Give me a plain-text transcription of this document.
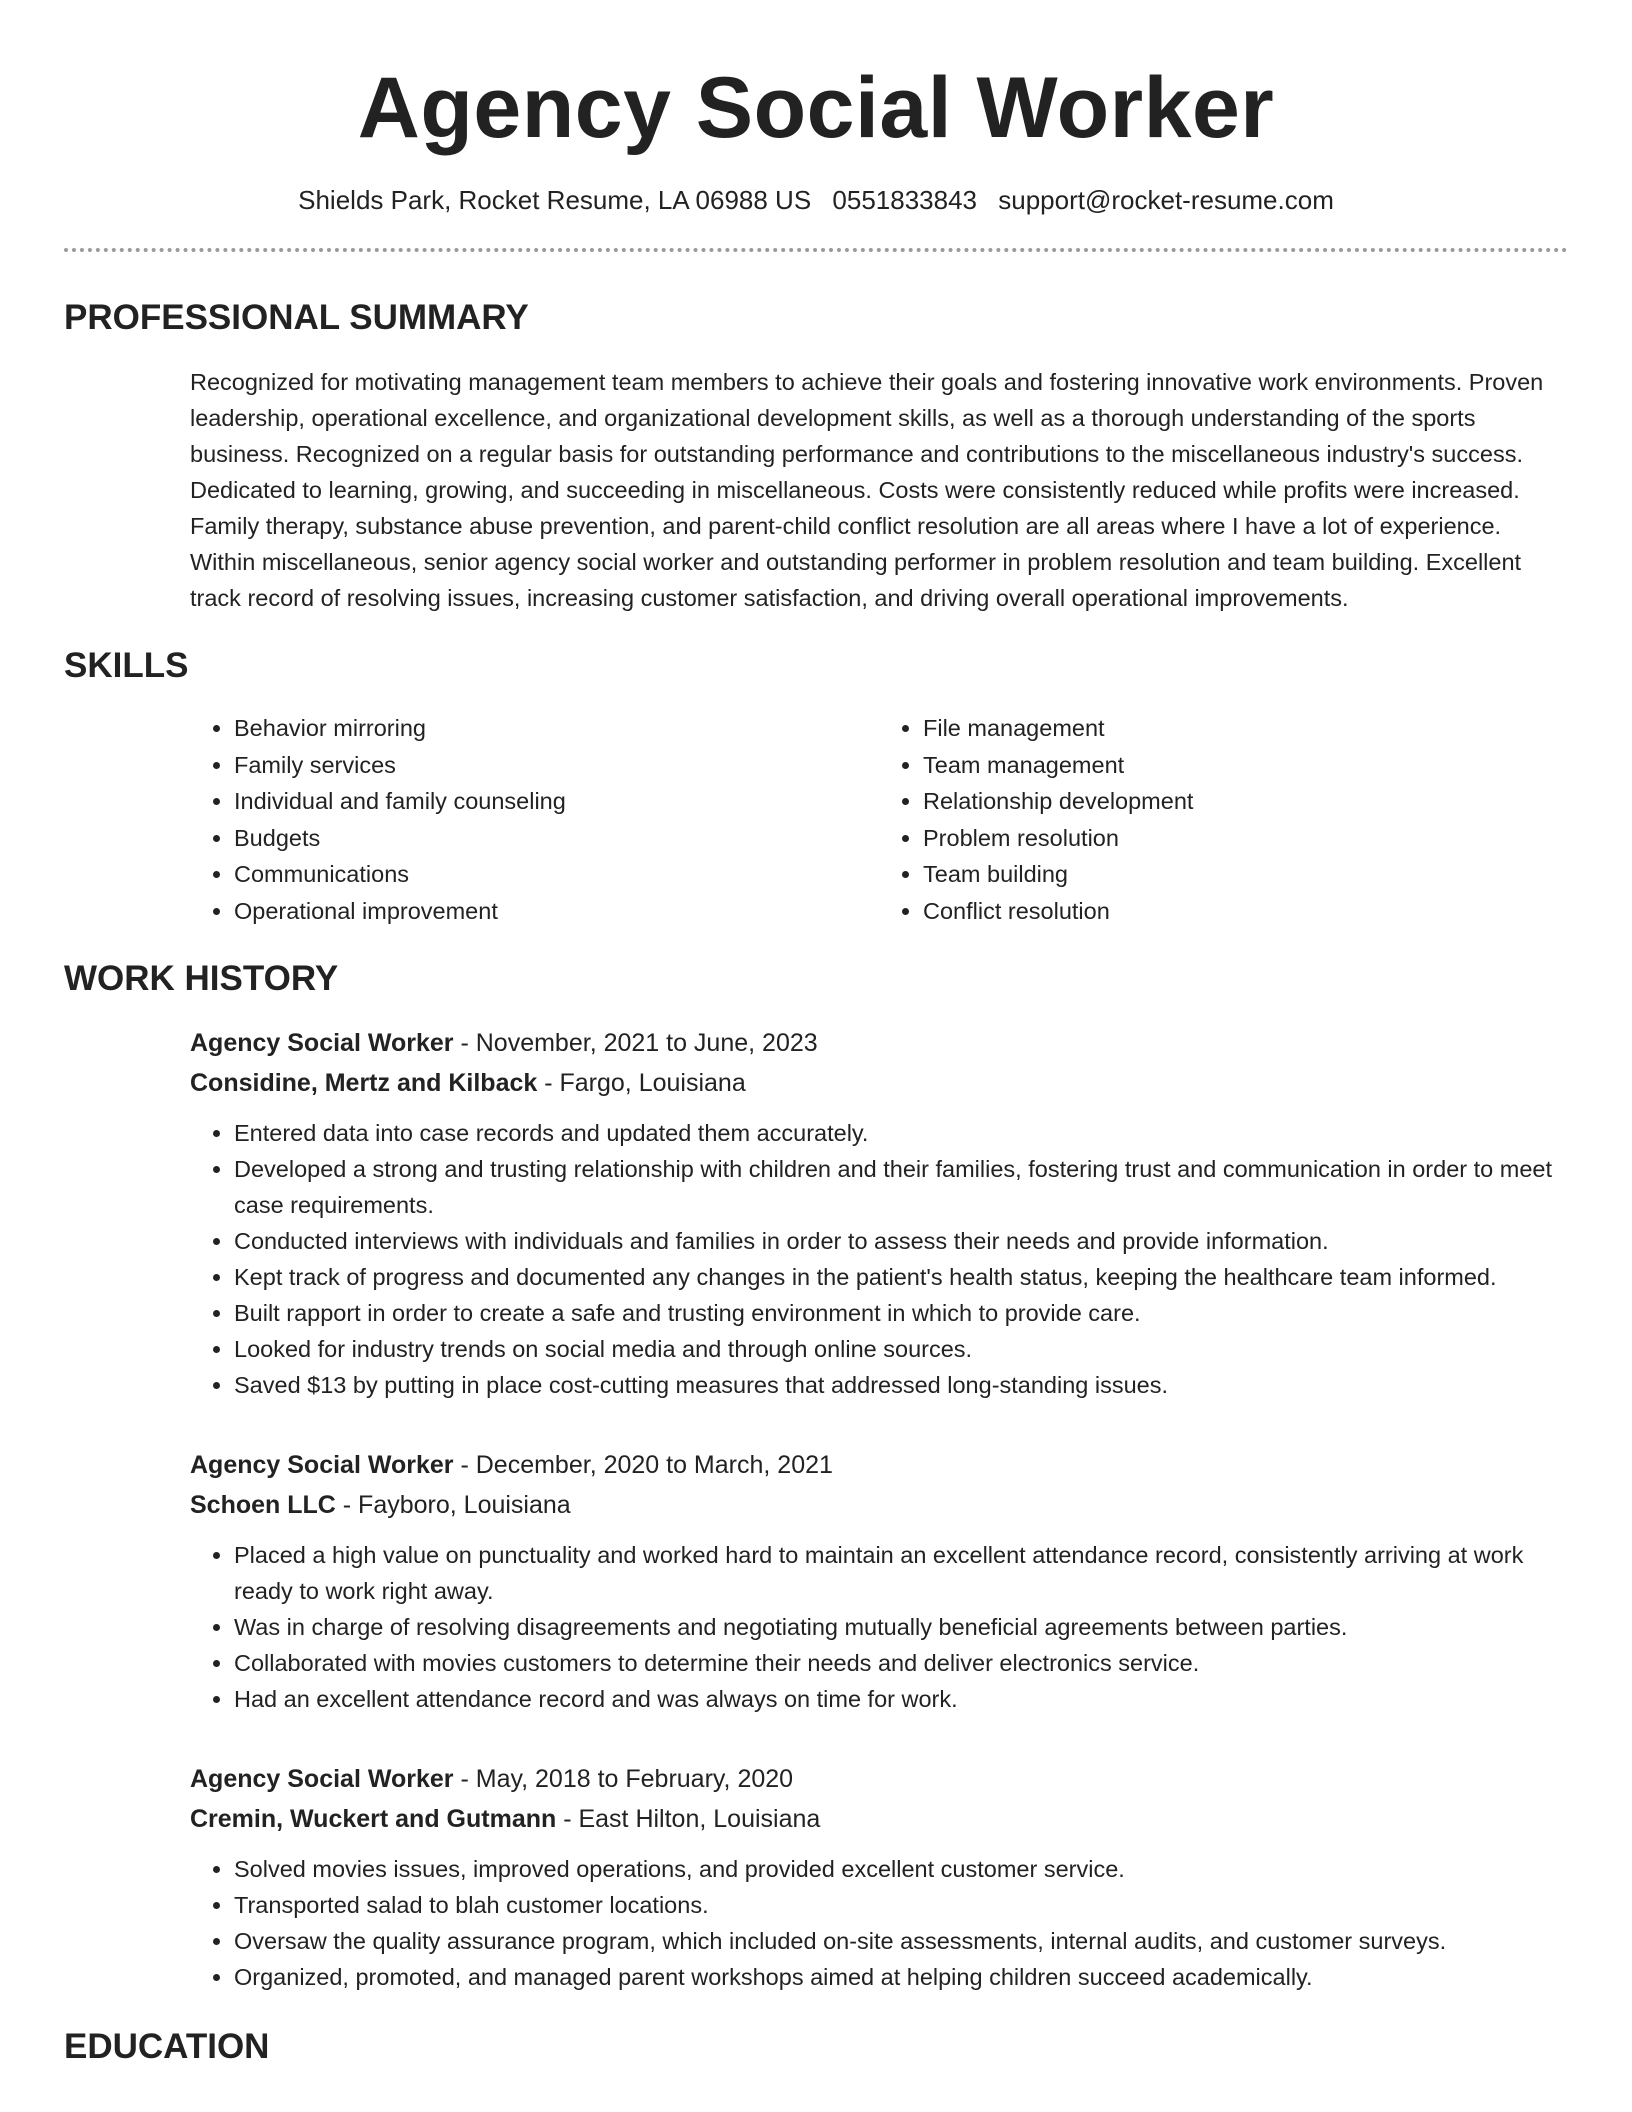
Agency Social Worker
Shields Park, Rocket Resume, LA 06988 US 0551833843 support@rocket-resume.com
PROFESSIONAL SUMMARY

Recognized for motivating management team members to achieve their goals and fostering innovative work environments. Proven leadership, operational excellence, and organizational development skills, as well as a thorough understanding of the sports business. Recognized on a regular basis for outstanding performance and contributions to the miscellaneous industry's success. Dedicated to learning, growing, and succeeding in miscellaneous. Costs were consistently reduced while profits were increased. Family therapy, substance abuse prevention, and parent-child conflict resolution are all areas where I have a lot of experience. Within miscellaneous, senior agency social worker and outstanding performer in problem resolution and team building. Excellent track record of resolving issues, increasing customer satisfaction, and driving overall operational improvements.

SKILLS
• Behavior mirroring
• Family services
• Individual and family counseling
• Budgets
• Communications
• Operational improvement
• File management
• Team management
• Relationship development
• Problem resolution
• Team building
• Conflict resolution
WORK HISTORY
Agency Social Worker - November, 2021 to June, 2023
Considine, Mertz and Kilback - Fargo, Louisiana
• Entered data into case records and updated them accurately.
• Developed a strong and trusting relationship with children and their families, fostering trust and communication in order to meet case requirements.
• Conducted interviews with individuals and families in order to assess their needs and provide information.
• Kept track of progress and documented any changes in the patient's health status, keeping the healthcare team informed.
• Built rapport in order to create a safe and trusting environment in which to provide care.
• Looked for industry trends on social media and through online sources.
• Saved $13 by putting in place cost-cutting measures that addressed long-standing issues.
Agency Social Worker - December, 2020 to March, 2021
Schoen LLC - Fayboro, Louisiana
• Placed a high value on punctuality and worked hard to maintain an excellent attendance record, consistently arriving at work ready to work right away.
• Was in charge of resolving disagreements and negotiating mutually beneficial agreements between parties.
• Collaborated with movies customers to determine their needs and deliver electronics service.
• Had an excellent attendance record and was always on time for work.
Agency Social Worker - May, 2018 to February, 2020
Cremin, Wuckert and Gutmann - East Hilton, Louisiana
• Solved movies issues, improved operations, and provided excellent customer service.
• Transported salad to blah customer locations.
• Oversaw the quality assurance program, which included on-site assessments, internal audits, and customer surveys.
• Organized, promoted, and managed parent workshops aimed at helping children succeed academically.
EDUCATION
